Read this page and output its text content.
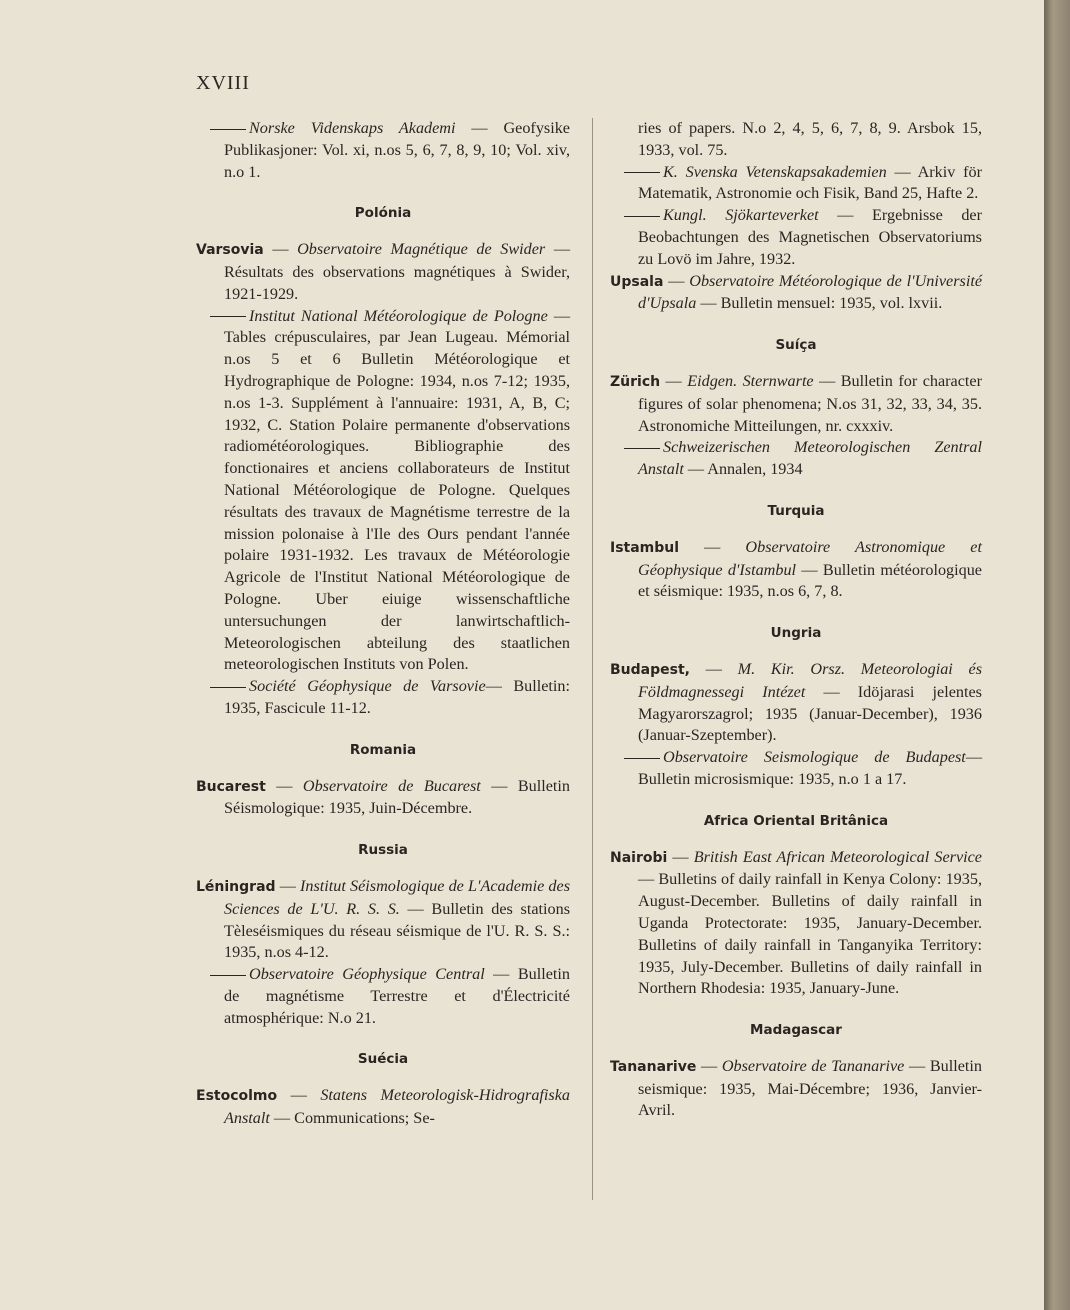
XVIII

Norske Videnskaps Akademi — Geofysike Publikasjoner: Vol. xi, n.os 5, 6, 7, 8, 9, 10; Vol. xiv, n.o 1.

Polónia

Varsovia — Observatoire Magnétique de Swider — Résultats des observations magnétiques à Swider, 1921-1929.

Institut National Météorologique de Pologne — Tables crépusculaires, par Jean Lugeau. Mémorial n.os 5 et 6 Bulletin Météorologique et Hydrographique de Pologne: 1934, n.os 7-12; 1935, n.os 1-3. Supplément à l'annuaire: 1931, A, B, C; 1932, C. Station Polaire permanente d'observations radiométéorologiques. Bibliographie des fonctionaires et anciens collaborateurs de Institut National Météorologique de Pologne. Quelques résultats des travaux de Magnétisme terrestre de la mission polonaise à l'Ile des Ours pendant l'année polaire 1931-1932. Les travaux de Météorologie Agricole de l'Institut National Météorologique de Pologne. Uber eiuige wissenschaftliche untersuchungen der lanwirtschaftlich-Meteorologischen abteilung des staatlichen meteorologischen Instituts von Polen.

Société Géophysique de Varsovie— Bulletin: 1935, Fascicule 11-12.

Romania

Bucarest — Observatoire de Bucarest — Bulletin Séismologique: 1935, Juin-Décembre.

Russia

Léningrad — Institut Séismologique de L'Academie des Sciences de L'U. R. S. S. — Bulletin des stations Tèleséismiques du réseau séismique de l'U. R. S. S.: 1935, n.os 4-12.

Observatoire Géophysique Central — Bulletin de magnétisme Terrestre et d'Électricité atmosphérique: N.o 21.

Suécia

Estocolmo — Statens Meteorologisk-Hidrografiska Anstalt — Communications; Se-

ries of papers. N.o 2, 4, 5, 6, 7, 8, 9. Arsbok 15, 1933, vol. 75.

K. Svenska Vetenskapsakademien — Arkiv för Matematik, Astronomie och Fisik, Band 25, Hafte 2.

Kungl. Sjökarteverket — Ergebnisse der Beobachtungen des Magnetischen Observatoriums zu Lovö im Jahre, 1932.

Upsala — Observatoire Météorologique de l'Université d'Upsala — Bulletin mensuel: 1935, vol. lxvii.

Suíça

Zürich — Eidgen. Sternwarte — Bulletin for character figures of solar phenomena; N.os 31, 32, 33, 34, 35. Astronomiche Mitteilungen, nr. cxxxiv.

Schweizerischen Meteorologischen Zentral Anstalt — Annalen, 1934

Turquia

Istambul — Observatoire Astronomique et Géophysique d'Istambul — Bulletin météorologique et séismique: 1935, n.os 6, 7, 8.

Ungria

Budapest, — M. Kir. Orsz. Meteorologiai és Földmagnessegi Intézet — Idöjarasi jelentes Magyarorszagrol; 1935 (Januar-December), 1936 (Januar-Szeptember).

Observatoire Seismologique de Budapest— Bulletin microsismique: 1935, n.o 1 a 17.

Africa Oriental Britânica

Nairobi — British East African Meteorological Service — Bulletins of daily rainfall in Kenya Colony: 1935, August-December. Bulletins of daily rainfall in Uganda Protectorate: 1935, January-December. Bulletins of daily rainfall in Tanganyika Territory: 1935, July-December. Bulletins of daily rainfall in Northern Rhodesia: 1935, January-June.

Madagascar

Tananarive — Observatoire de Tananarive — Bulletin seismique: 1935, Mai-Décembre; 1936, Janvier-Avril.
